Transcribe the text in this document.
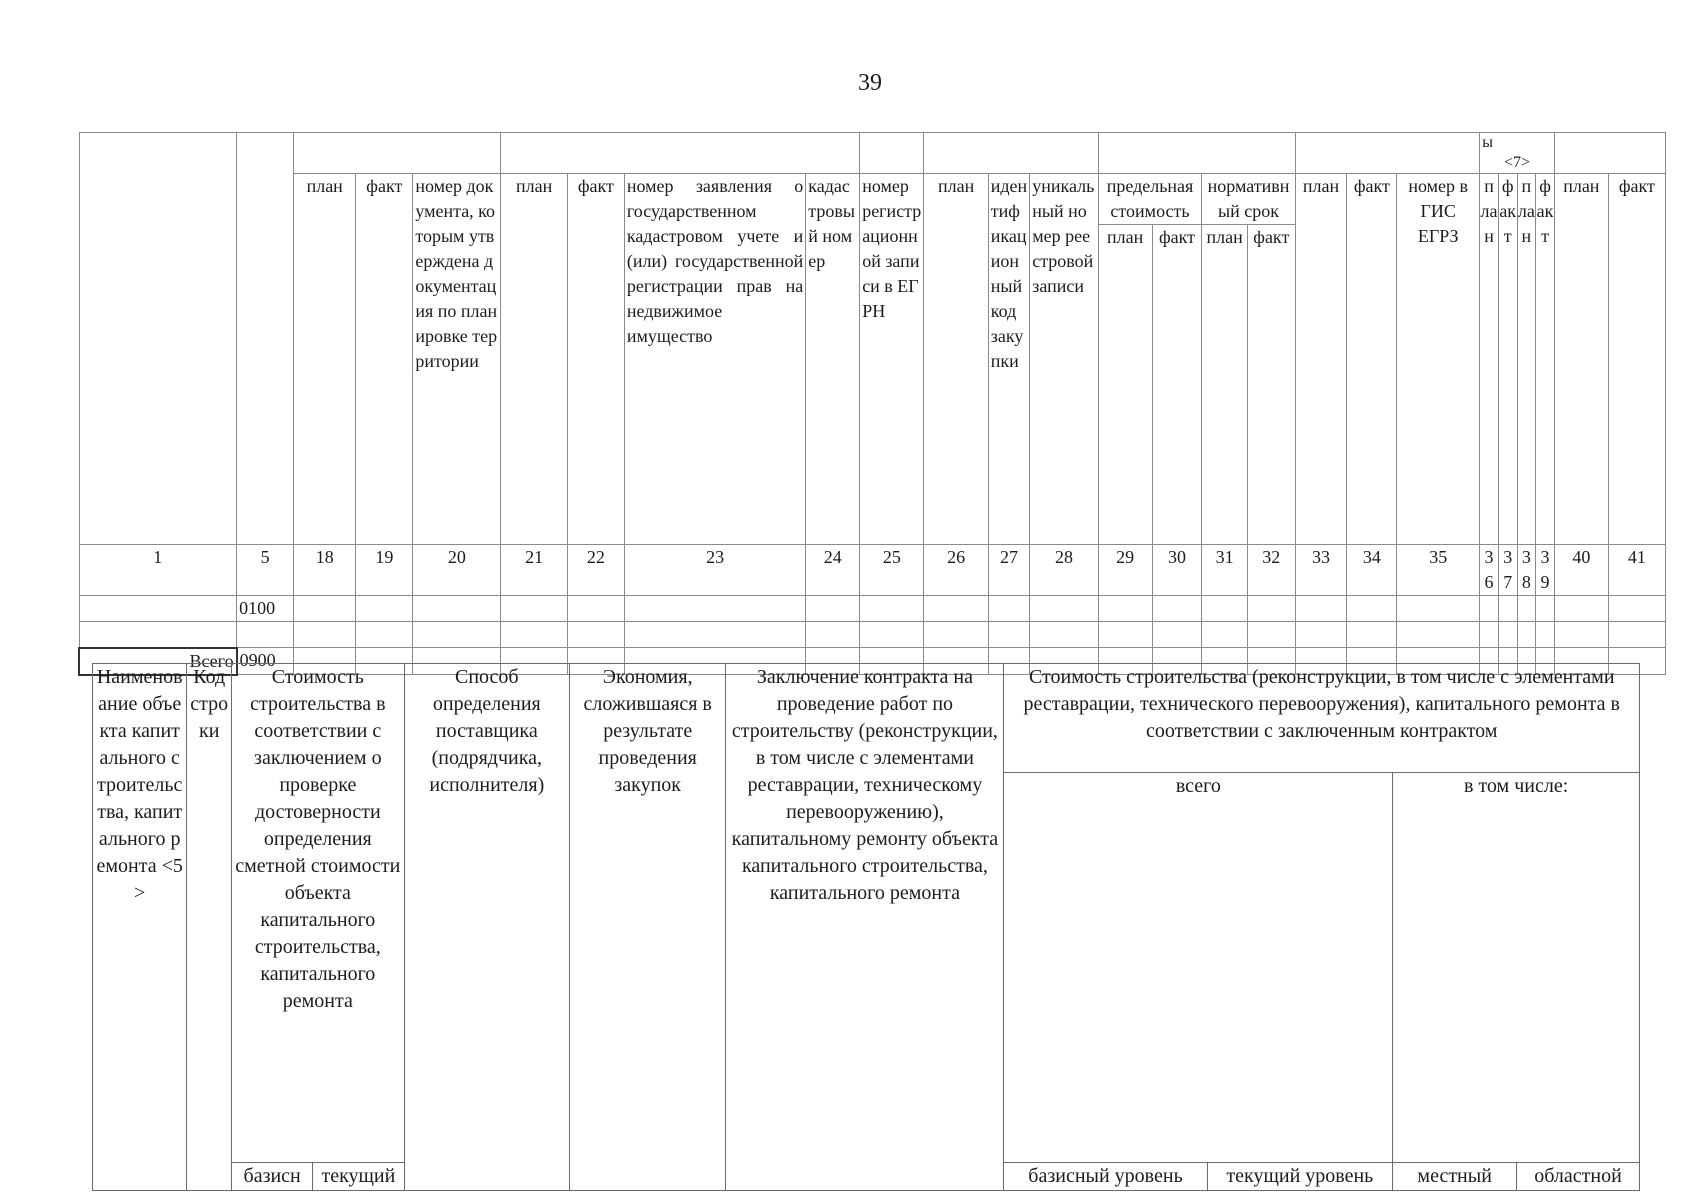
39

																				ы
<7>					

		план	факт	номер документа, которым утверждена документация по планировке территории	план	факт	номер заявления о государственном кадастровом учете и (или) государственной регистрации прав на недвижимое имущество	кадастровый номер	номер регистрационной записи в ЕГРН	план	идентификационный код закупки	уникальный номер реестровой записи	предельная стоимость		нормативный срок		план	факт	номер в ГИС ЕГРЗ	план	факт	план	факт	план	факт
													план	факт	план	факт									
1	5	18	19	20	21	22	23	24	25	26	27	28	29	30	31	32	33	34	35	36	37	38	39	40	41
	0100																								

Всего	0900																								
Наименование объекта капитального строительства, капитального ремонта <5>	Код строки	Стоимость строительства в соответствии с заключением о проверке достоверности определения сметной стоимости объекта капитального строительства, капитального ремонта		Способ определения поставщика (подрядчика, исполнителя)	Экономия, сложившаяся в результате проведения закупок	Заключение контракта на проведение работ по строительству (реконструкции, в том числе с элементами реставрации, техническому перевооружению), капитальному ремонту объекта капитального строительства, капитального ремонта	Стоимость строительства (реконструкции, в том числе с элементами реставрации, технического перевооружения), капитального ремонта в соответствии с заключенным контрактом			
							всего		в том числе:	
		базисн	текущий				базисный уровень	текущий уровень	местный	областной
